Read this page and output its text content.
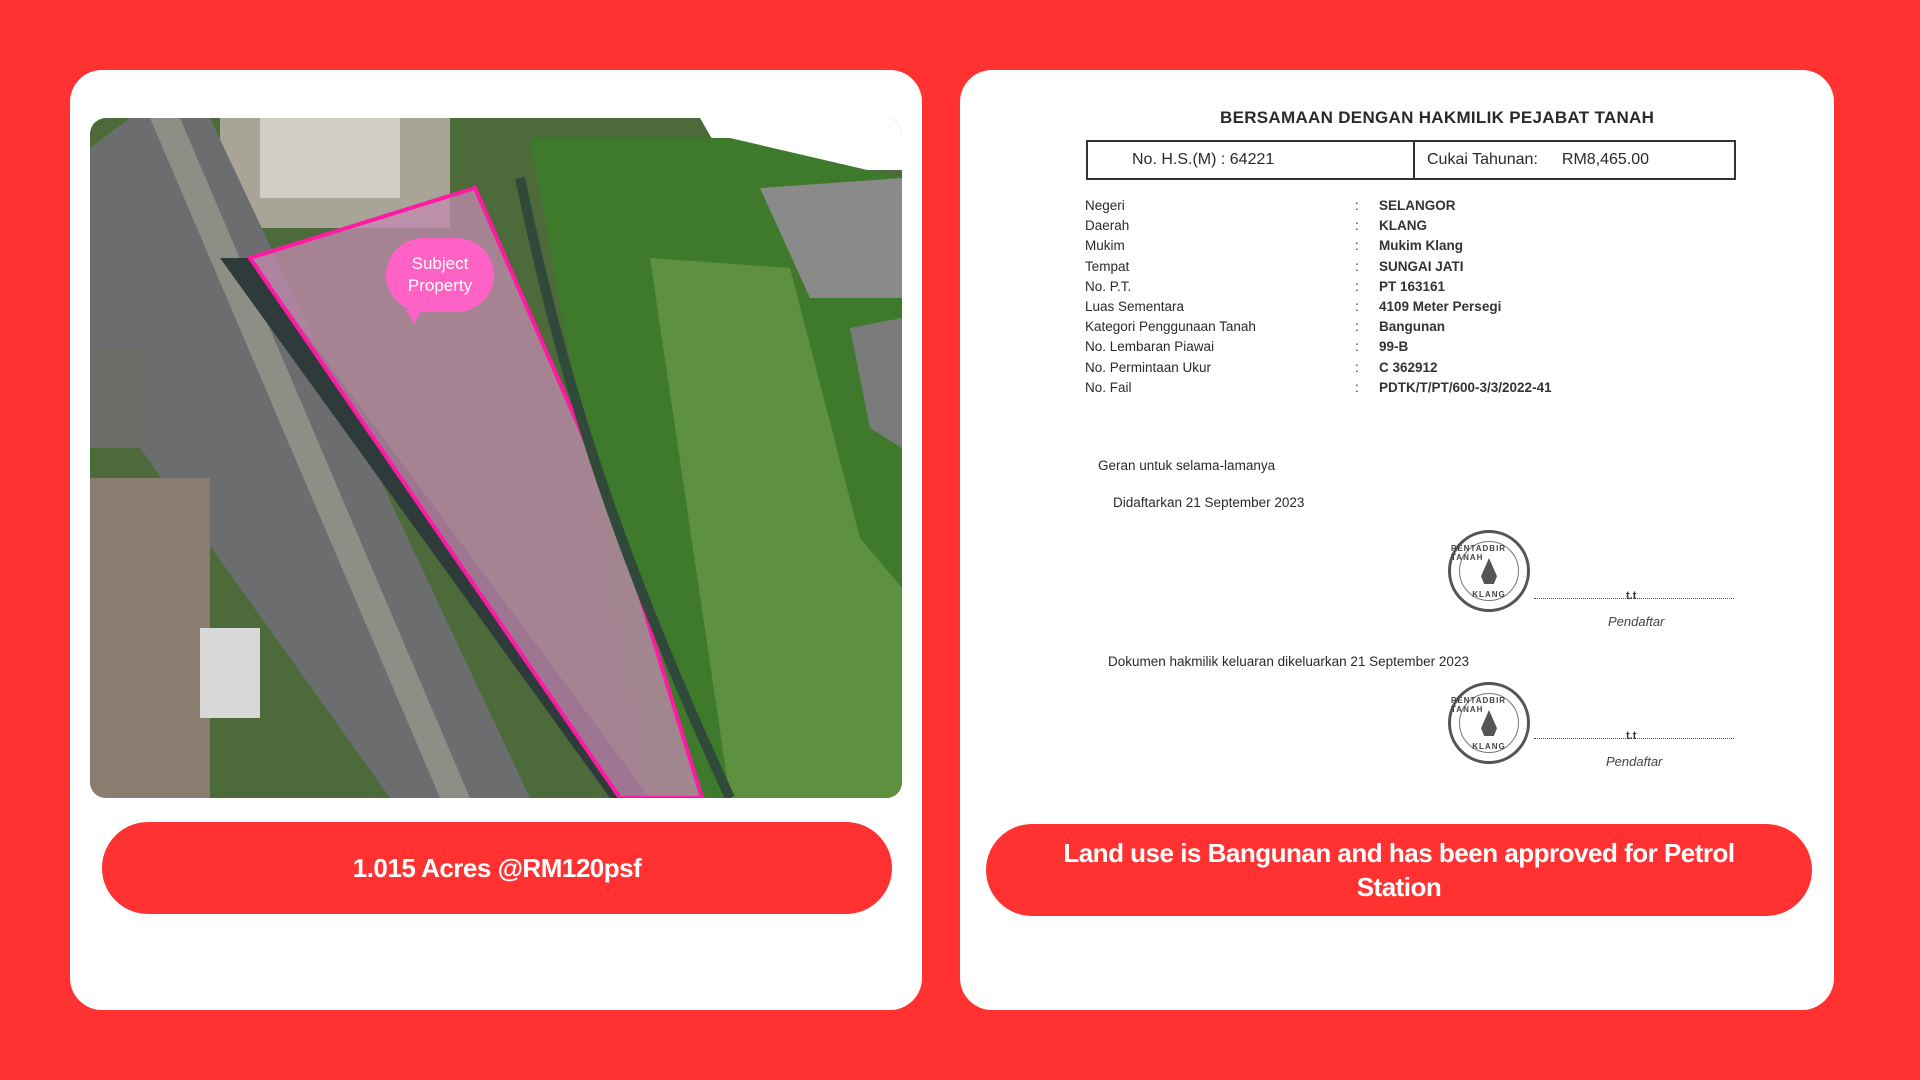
Subject
Property
1.015 Acres @RM120psf
BERSAMAAN DENGAN HAKMILIK PEJABAT TANAH
No. H.S.(M) : 64221	Cukai Tahunan: RM8,465.00
Negeri	:	SELANGOR
Daerah	:	KLANG
Mukim	:	Mukim Klang
Tempat	:	SUNGAI JATI
No. P.T.	:	PT 163161
Luas Sementara	:	4109 Meter Persegi
Kategori Penggunaan Tanah	:	Bangunan
No. Lembaran Piawai	:	99-B
No. Permintaan Ukur	:	C 362912
No. Fail	:	PDTK/T/PT/600-3/3/2022-41
Geran untuk selama-lamanya
Didaftarkan 21 September 2023
PENTADBIR TANAH
KLANG	t.t
Pendaftar
Dokumen hakmilik keluaran dikeluarkan 21 September 2023
PENTADBIR TANAH
KLANG
t.t
Pendaftar
Land use is Bangunan and has been approved for Petrol Station
